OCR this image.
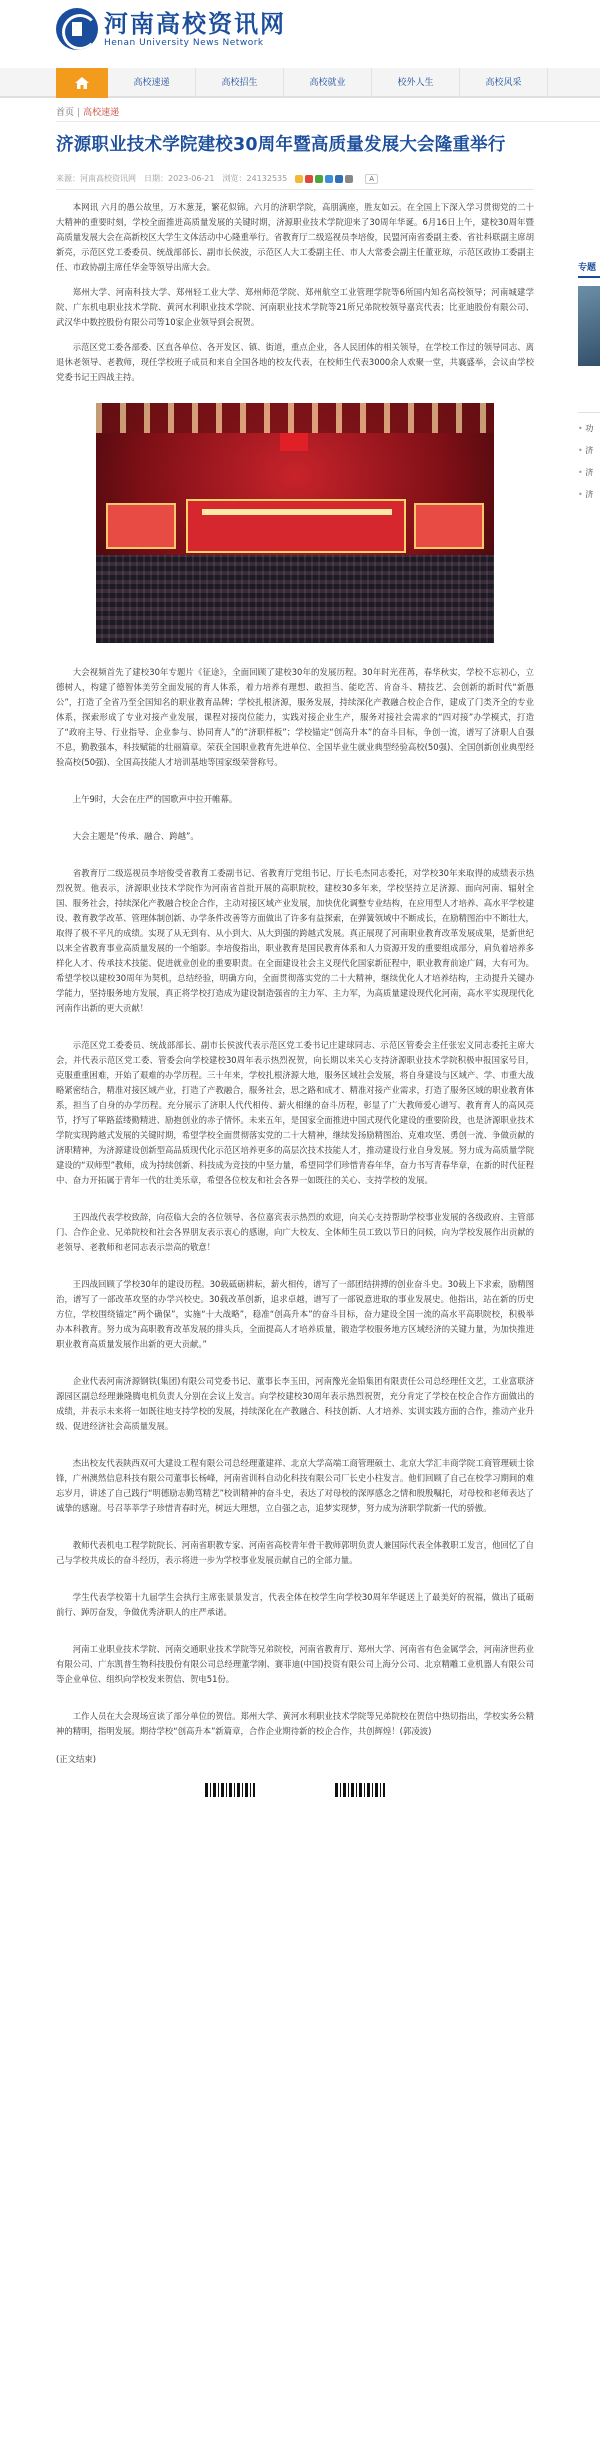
河南高校资讯网
Henan University News Network
高校速递	高校招生	高校就业	校外人生	高校风采
首页 | 高校速递
济源职业技术学院建校30周年暨高质量发展大会隆重举行
来源：河南高校资讯网 日期：2023-06-21 浏览：24132535	A

本网讯 六月的愚公故里，万木葱茏，繁花似锦。六月的济职学院，高朋满座，胜友如云。在全国上下深入学习贯彻党的二十大精神的重要时刻，学校全面推进高质量发展的关键时期，济源职业技术学院迎来了30周年华诞。6月16日上午，建校30周年暨高质量发展大会在高新校区大学生文体活动中心隆重举行。省教育厅二级巡视员李培俊，民盟河南省委副主委、省社科联副主席胡新亮，示范区党工委委员、统战部部长、副市长侯波，示范区人大工委副主任、市人大常委会副主任董亚琼，示范区政协工委副主任、市政协副主席任华金等领导出席大会。

郑州大学、河南科技大学、郑州轻工业大学、郑州师范学院、郑州航空工业管理学院等6所国内知名高校领导；河南城建学院、广东机电职业技术学院、黄河水利职业技术学院、河南职业技术学院等21所兄弟院校领导嘉宾代表；比亚迪股份有限公司、武汉华中数控股份有限公司等10家企业领导到会祝贺。

示范区党工委各部委、区直各单位、各开发区、镇、街道，重点企业，各人民团体的相关领导，在学校工作过的领导同志、离退休老领导、老教师，现任学校班子成员和来自全国各地的校友代表，在校师生代表3000余人欢聚一堂，共襄盛举，会议由学校党委书记王四战主持。

大会视频首先了建校30年专题片《征途》，全面回顾了建校30年的发展历程。30年时光荏苒，春华秋实，学校不忘初心，立德树人，构建了德智体美劳全面发展的育人体系，着力培养有理想、敢担当、能吃苦、肯奋斗、精技艺、会创新的新时代“新愚公”，打造了全省乃至全国知名的职业教育品牌；学校扎根济源，服务发展，持续深化产教融合校企合作，建成了门类齐全的专业体系，探索形成了专业对接产业发展，课程对接岗位能力，实践对接企业生产，服务对接社会需求的“四对接”办学模式，打造了“政府主导、行业指导、企业参与、协同育人”的“济职样板”；学校锚定“创高升本”的奋斗目标，争创一流，谱写了济职人自强不息，勤教强本，科技赋能的壮丽篇章。荣获全国职业教育先进单位、全国毕业生就业典型经验高校(50强)、全国创新创业典型经验高校(50强)、全国高技能人才培训基地等国家级荣誉称号。

上午9时，大会在庄严的国歌声中拉开帷幕。

大会主题是“传承、融合、跨越”。

省教育厅二级巡视员李培俊受省教育工委副书记、省教育厅党组书记、厅长毛杰同志委托，对学校30年来取得的成绩表示热烈祝贺。他表示，济源职业技术学院作为河南省首批开展的高职院校，建校30多年来，学校坚持立足济源、面向河南、辐射全国、服务社会，持续深化产教融合校企合作，主动对接区域产业发展，加快优化调整专业结构，在应用型人才培养、高水平学校建设、教育教学改革、管理体制创新、办学条件改善等方面做出了许多有益探索，在弹簧领域中不断成长，在励精图治中不断壮大，取得了极不平凡的成绩。实现了从无到有、从小到大、从大到强的跨越式发展。真正展现了河南职业教育改革发展成果，是新世纪以来全省教育事业高质量发展的一个缩影。李培俊指出，职业教育是国民教育体系和人力资源开发的重要组成部分，肩负着培养多样化人才、传承技术技能、促进就业创业的重要职责。在全面建设社会主义现代化国家新征程中，职业教育前途广阔，大有可为。希望学校以建校30周年为契机，总结经验，明确方向，全面贯彻落实党的二十大精神，继续优化人才培养结构，主动提升关键办学能力，坚持服务地方发展，真正将学校打造成为建设制造强省的主力军、主力军，为高质量建设现代化河南，高水平实现现代化河南作出新的更大贡献！

示范区党工委委员、统战部部长、副市长侯波代表示范区党工委书记庄建球同志、示范区管委会主任张宏义同志委托主席大会，并代表示范区党工委、管委会向学校建校30周年表示热烈祝贺，向长期以来关心支持济源职业技术学院积极申报国家号目，克服重重困难，开始了艰难的办学历程。三十年来，学校扎根济源大地，服务区域社会发展，将自身建设与区域产、学、市重大战略紧密结合，精准对接区域产业，打造了产教融合，服务社会，思之路和成才、精准对接产业需求，打造了服务区域的职业教育体系，担当了自身的办学历程。充分展示了济职人代代相传、薪火相继的奋斗历程，彰显了广大教师爱心谱写、教育育人的高风亮节，抒写了筚路蓝缕勤精进、励抱创业的赤子情怀。未来五年，是国家全面推进中国式现代化建设的重要阶段，也是济源职业技术学院实现跨越式发展的关键时期，希望学校全面贯彻落实党的二十大精神，继续发扬励精图治、克难攻坚、勇创一流、争做贡献的济职精神，为济源建设创新型高品质现代化示范区培养更多的高层次技术技能人才，推动建设行业自身发展。努力成为高质量学院建设的“双师型”教师，成为持续创新、科技成为竞技的中坚力量，希望同学们珍惜青春年华，奋力书写青春华章，在新的时代征程中、奋力开拓属于青年一代的壮美乐章，希望各位校友和社会各界一如既往的关心、支持学校的发展。

王四战代表学校致辞，向莅临大会的各位领导、各位嘉宾表示热烈的欢迎，向关心支持帮助学校事业发展的各级政府、主管部门、合作企业、兄弟院校和社会各界朋友表示衷心的感谢，向广大校友、全体师生员工致以节日的问候，向为学校发展作出贡献的老领导、老教师和老同志表示崇高的敬意！

王四战回顾了学校30年的建设历程。30载砥砺耕耘，薪火相传，谱写了一部团结拼搏的创业奋斗史。30载上下求索，励精图治，谱写了一部改革攻坚的办学兴校史。30载改革创新，追求卓越，谱写了一部锐意进取的事业发展史。他指出，站在新的历史方位，学校围绕锚定“两个确保”，实施“十大战略”，稳准“创高升本”的奋斗目标，奋力建设全国一流的高水平高职院校，积极举办本科教育。努力成为高职教育改革发展的排头兵，全面提高人才培养质量，锻造学校服务地方区域经济的关键力量，为加快推进职业教育高质量发展作出新的更大贡献。”

企业代表河南济源钢铁(集团)有限公司党委书记、董事长李玉田，河南豫光金铅集团有限责任公司总经理任文艺，工业富联济源园区副总经理兼隆腾电机负责人分别在会议上发言。向学校建校30周年表示热烈祝贺，充分肯定了学校在校企合作方面做出的成绩，并表示未来将一如既往地支持学校的发展，持续深化在产教融合、科技创新、人才培养、实训实践方面的合作，推动产业升级、促进经济社会高质量发展。

杰出校友代表陕西双可大建设工程有限公司总经理董建祥、北京大学高端工商管理硕士、北京大学汇丰商学院工商管理硕士徐锋，广州澳然信息科技有限公司董事长杨峰，河南省训科自动化科技有限公司厂长史小柱发言。他们回顾了自己在校学习期间的难忘岁月，讲述了自己践行“明德励志勤笃精艺”校训精神的奋斗史，表达了对母校的深厚感念之情和殷殷嘱托，对母校和老师表达了诚挚的感谢。号召莘莘学子珍惜青春时光，树远大理想，立自强之志，追梦实现梦，努力成为济职学院新一代的骄傲。

教师代表机电工程学院院长、河南省职教专家、河南省高校青年骨干教师郭明负责人兼国际代表全体教职工发言，他回忆了自己与学校共成长的奋斗经历，表示将进一步为学校事业发展贡献自己的全部力量。

学生代表学校第十九届学生会执行主席张景景发言，代表全体在校学生向学校30周年华诞送上了最美好的祝福，做出了砥砺前行、踔厉奋发，争做优秀济职人的庄严承诺。

河南工业职业技术学院、河南交通职业技术学院等兄弟院校，河南省教育厅、郑州大学、河南省有色金属学会，河南济世药业有限公司、广东凯普生物科技股份有限公司总经理董学刚、赛菲迪(中国)投资有限公司上海分公司、北京精雕工业机器人有限公司等企业单位、组织向学校发来贺信、贺电51份。

工作人员在大会现场宣读了部分单位的贺信。郑州大学、黄河水利职业技术学院等兄弟院校在贺信中热切指出，学校实务公精神的精明，指明发展。期待学校“创高升本”新篇章，合作企业期待新的校企合作，共创辉煌！(郭凌波)

(正文结束)
专题
• 功
• 济
• 济
• 济
